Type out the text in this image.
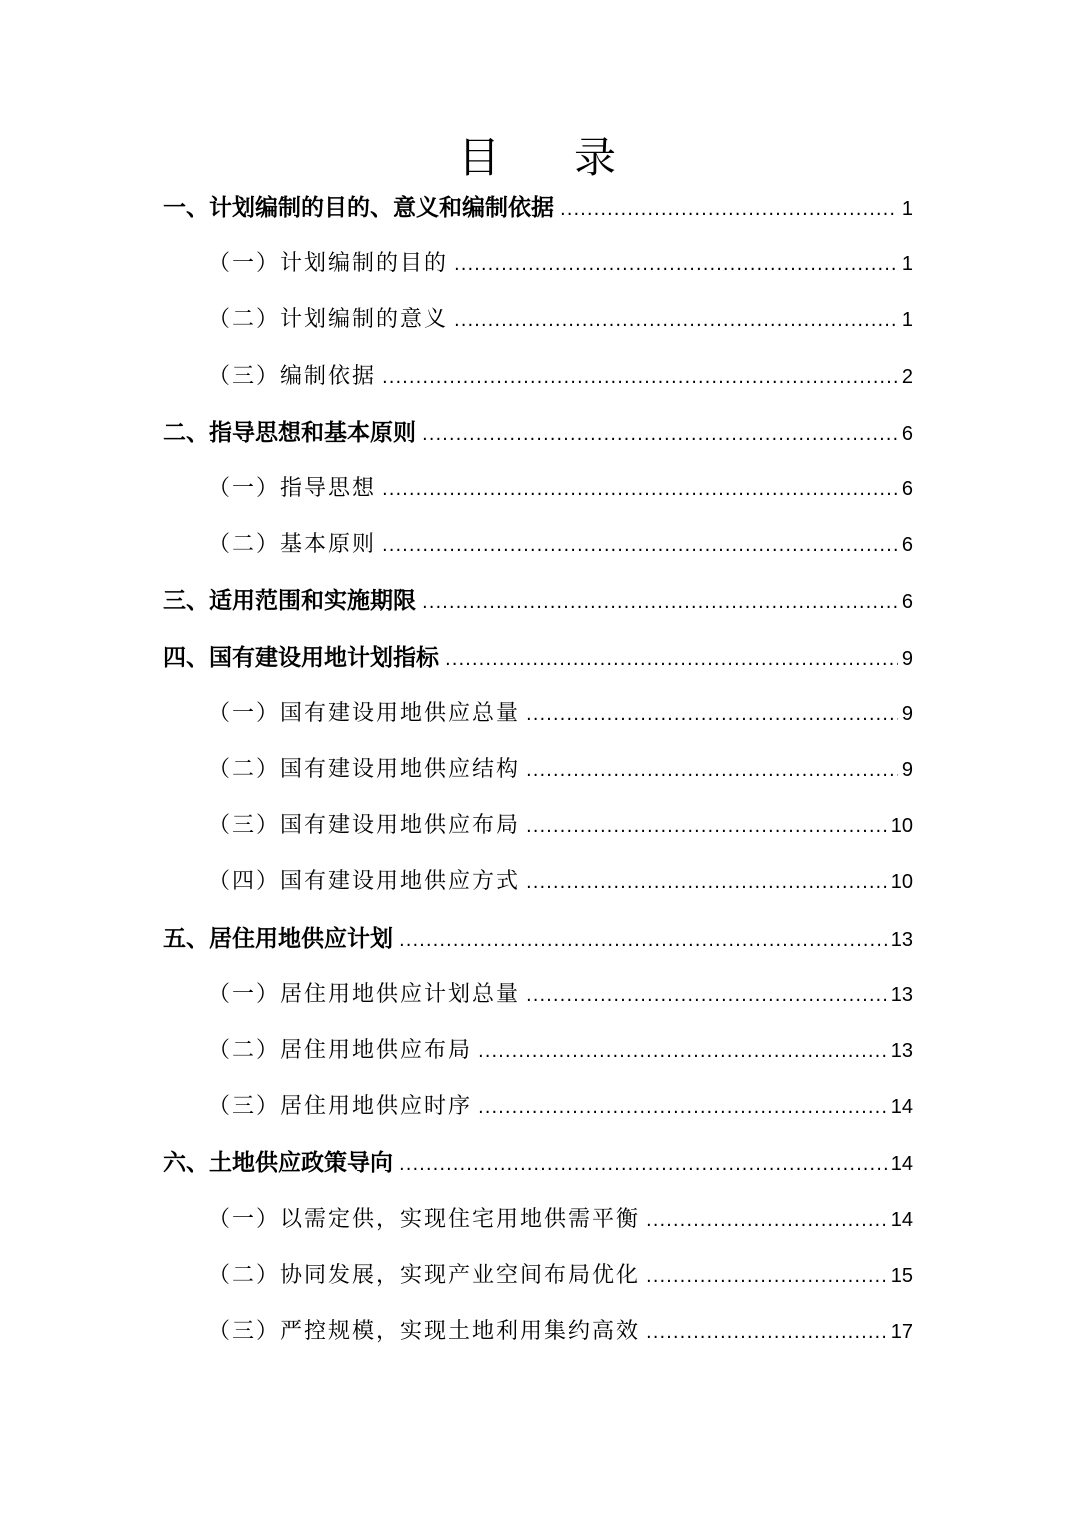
目 录
一、计划编制的目的、意义和编制依据 .....	1
（一）计划编制的目的 .....	1
（二）计划编制的意义 .....	1
（三）编制依据 .....	2
二、指导思想和基本原则 .....	6
（一）指导思想 .....	6
（二）基本原则 .....	6
三、适用范围和实施期限 .....	6
四、国有建设用地计划指标 .....	9
（一）国有建设用地供应总量 .....	9
（二）国有建设用地供应结构 .....	9
（三）国有建设用地供应布局 .....	10
（四）国有建设用地供应方式 .....	10
五、居住用地供应计划 .....	13
（一）居住用地供应计划总量 .....	13
（二）居住用地供应布局 .....	13
（三）居住用地供应时序 .....	14
六、土地供应政策导向 .....	14
（一）以需定供，实现住宅用地供需平衡 .....	14
（二）协同发展，实现产业空间布局优化 .....	15
（三）严控规模，实现土地利用集约高效 .....	17
